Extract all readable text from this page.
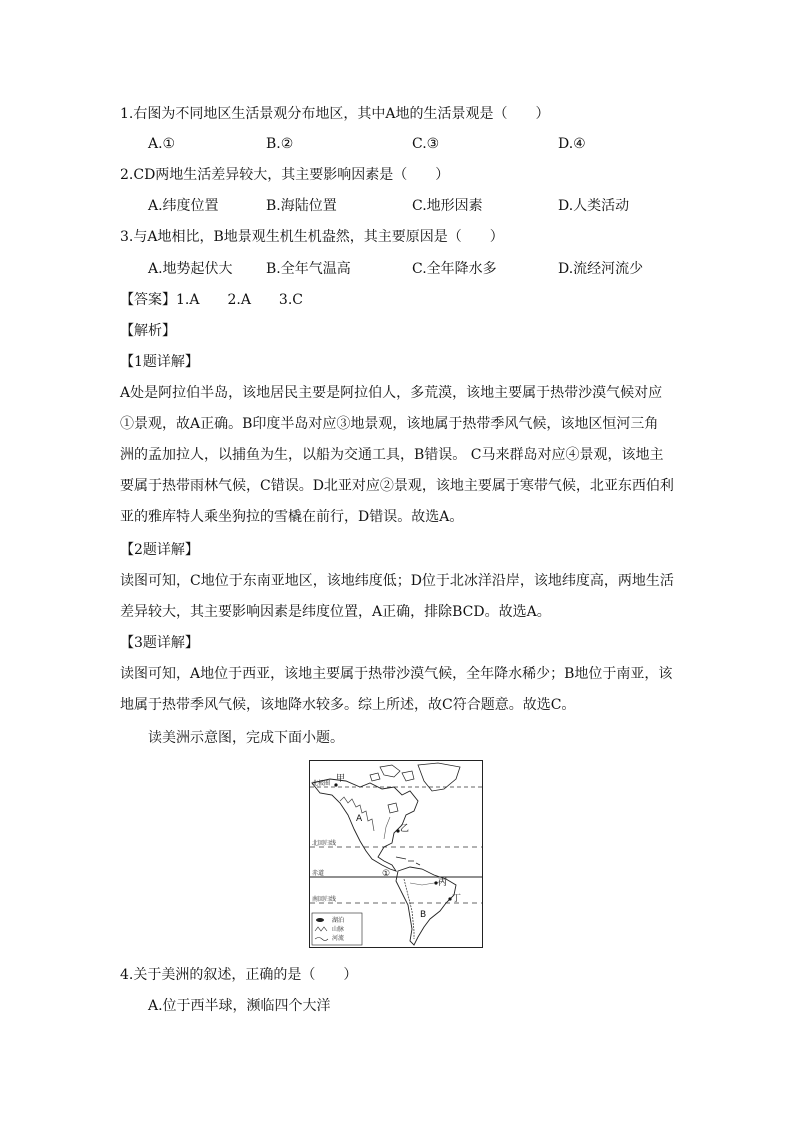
1.右图为不同地区生活景观分布地区，其中A地的生活景观是（　　）
A.①	B.②	C.③	D.④
2.CD两地生活差异较大，其主要影响因素是（　　）
A.纬度位置	B.海陆位置	C.地形因素	D.人类活动
3.与A地相比，B地景观生机生机盎然，其主要原因是（　　）
A.地势起伏大 B.全年气温高	C.全年降水多	D.流经河流少
【答案】1.A　　2.A　　3.C
【解析】
【1题详解】
A处是阿拉伯半岛，该地居民主要是阿拉伯人，多荒漠，该地主要属于热带沙漠气候对应
①景观，故A正确。B印度半岛对应③地景观，该地属于热带季风气候，该地区恒河三角
洲的孟加拉人，以捕鱼为生，以船为交通工具，B错误。 C马来群岛对应④景观，该地主
要属于热带雨林气候，C错误。D北亚对应②景观，该地主要属于寒带气候，北亚东西伯利
亚的雅库特人乘坐狗拉的雪橇在前行，D错误。故选A。
【2题详解】
读图可知，C地位于东南亚地区，该地纬度低；D位于北冰洋沿岸，该地纬度高，两地生活
差异较大，其主要影响因素是纬度位置，A正确，排除BCD。故选A。
【3题详解】
读图可知，A地位于西亚，该地主要属于热带沙漠气候，全年降水稀少；B地位于南亚，该
地属于热带季风气候，该地降水较多。综上所述，故C符合题意。故选C。
读美洲示意图，完成下面小题。
北极圈
北回归线
赤道
南回归线
甲
A
乙
①
丙
丁
B
湖泊
山脉
河流
4.关于美洲的叙述，正确的是（　　）
A.位于西半球，濒临四个大洋
